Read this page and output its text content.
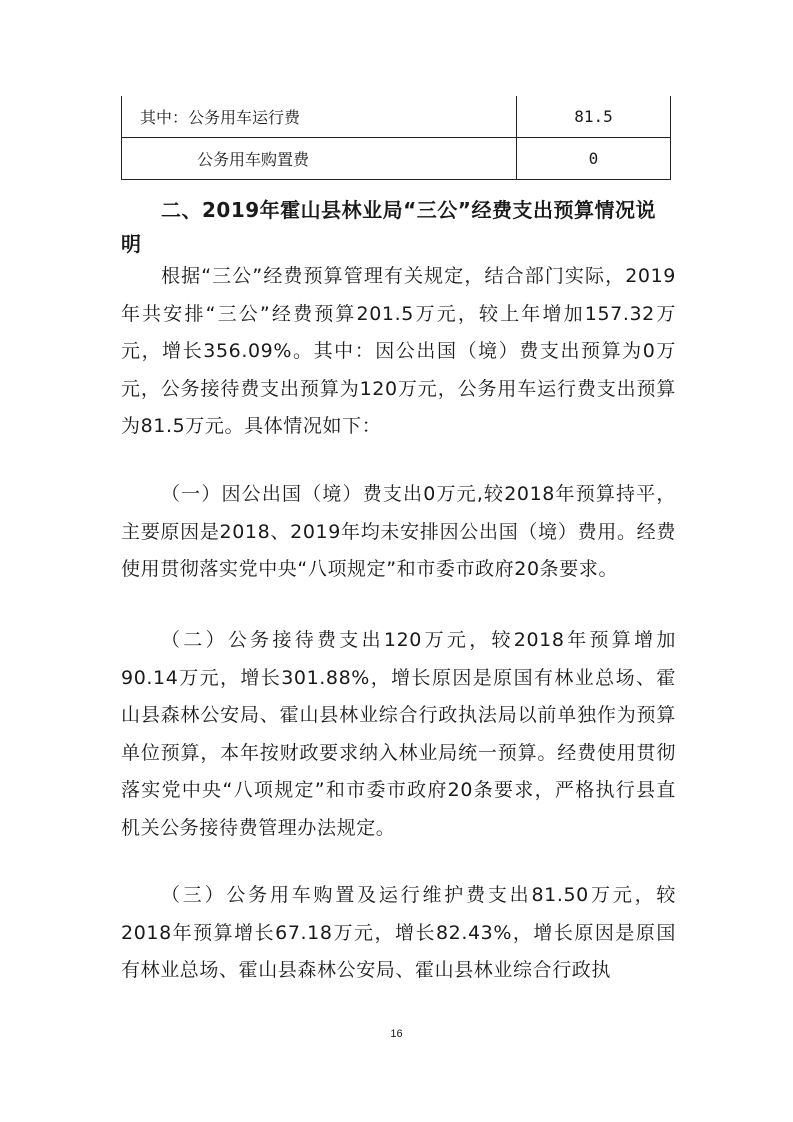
其中：公务用车运行费	81.5
公务用车购置费	0
二、2019年霍山县林业局“三公”经费支出预算情况说明

根据“三公”经费预算管理有关规定，结合部门实际，2019年共安排“三公”经费预算201.5万元，较上年增加157.32万元，增长356.09%。其中：因公出国（境）费支出预算为0万元，公务接待费支出预算为120万元，公务用车运行费支出预算为81.5万元。具体情况如下：

（一）因公出国（境）费支出0万元,较2018年预算持平，主要原因是2018、2019年均未安排因公出国（境）费用。经费使用贯彻落实党中央“八项规定”和市委市政府20条要求。

（二）公务接待费支出120万元，较2018年预算增加90.14万元，增长301.88%，增长原因是原国有林业总场、霍山县森林公安局、霍山县林业综合行政执法局以前单独作为预算单位预算，本年按财政要求纳入林业局统一预算。经费使用贯彻落实党中央“八项规定”和市委市政府20条要求，严格执行县直机关公务接待费管理办法规定。

（三）公务用车购置及运行维护费支出81.50万元，较2018年预算增长67.18万元，增长82.43%，增长原因是原国有林业总场、霍山县森林公安局、霍山县林业综合行政执

16
